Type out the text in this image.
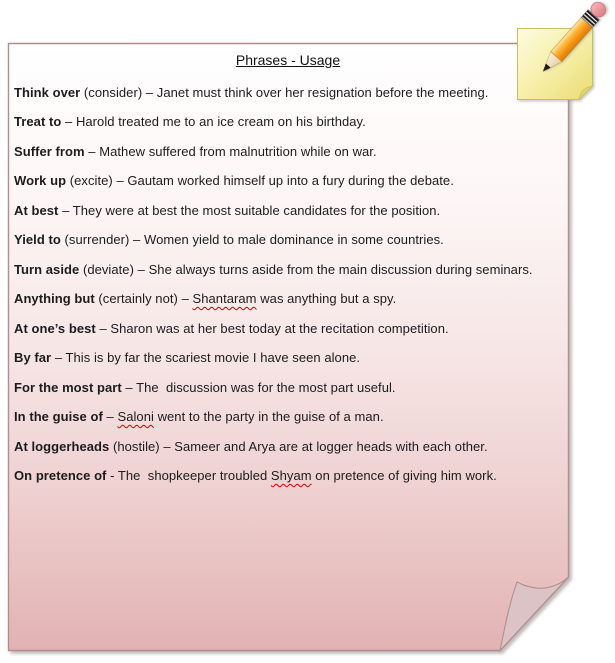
Phrases - Usage

Think over (consider) – Janet must think over her resignation before the meeting.

Treat to – Harold treated me to an ice cream on his birthday.

Suffer from – Mathew suffered from malnutrition while on war.

Work up (excite) – Gautam worked himself up into a fury during the debate.

At best – They were at best the most suitable candidates for the position.

Yield to (surrender) – Women yield to male dominance in some countries.

Turn aside (deviate) – She always turns aside from the main discussion during seminars.

Anything but (certainly not) – Shantaram was anything but a spy.

At one’s best – Sharon was at her best today at the recitation competition.

By far – This is by far the scariest movie I have seen alone.

For the most part – The  discussion was for the most part useful.

In the guise of – Saloni went to the party in the guise of a man.

At loggerheads (hostile) – Sameer and Arya are at logger heads with each other.

On pretence of - The  shopkeeper troubled Shyam on pretence of giving him work.
